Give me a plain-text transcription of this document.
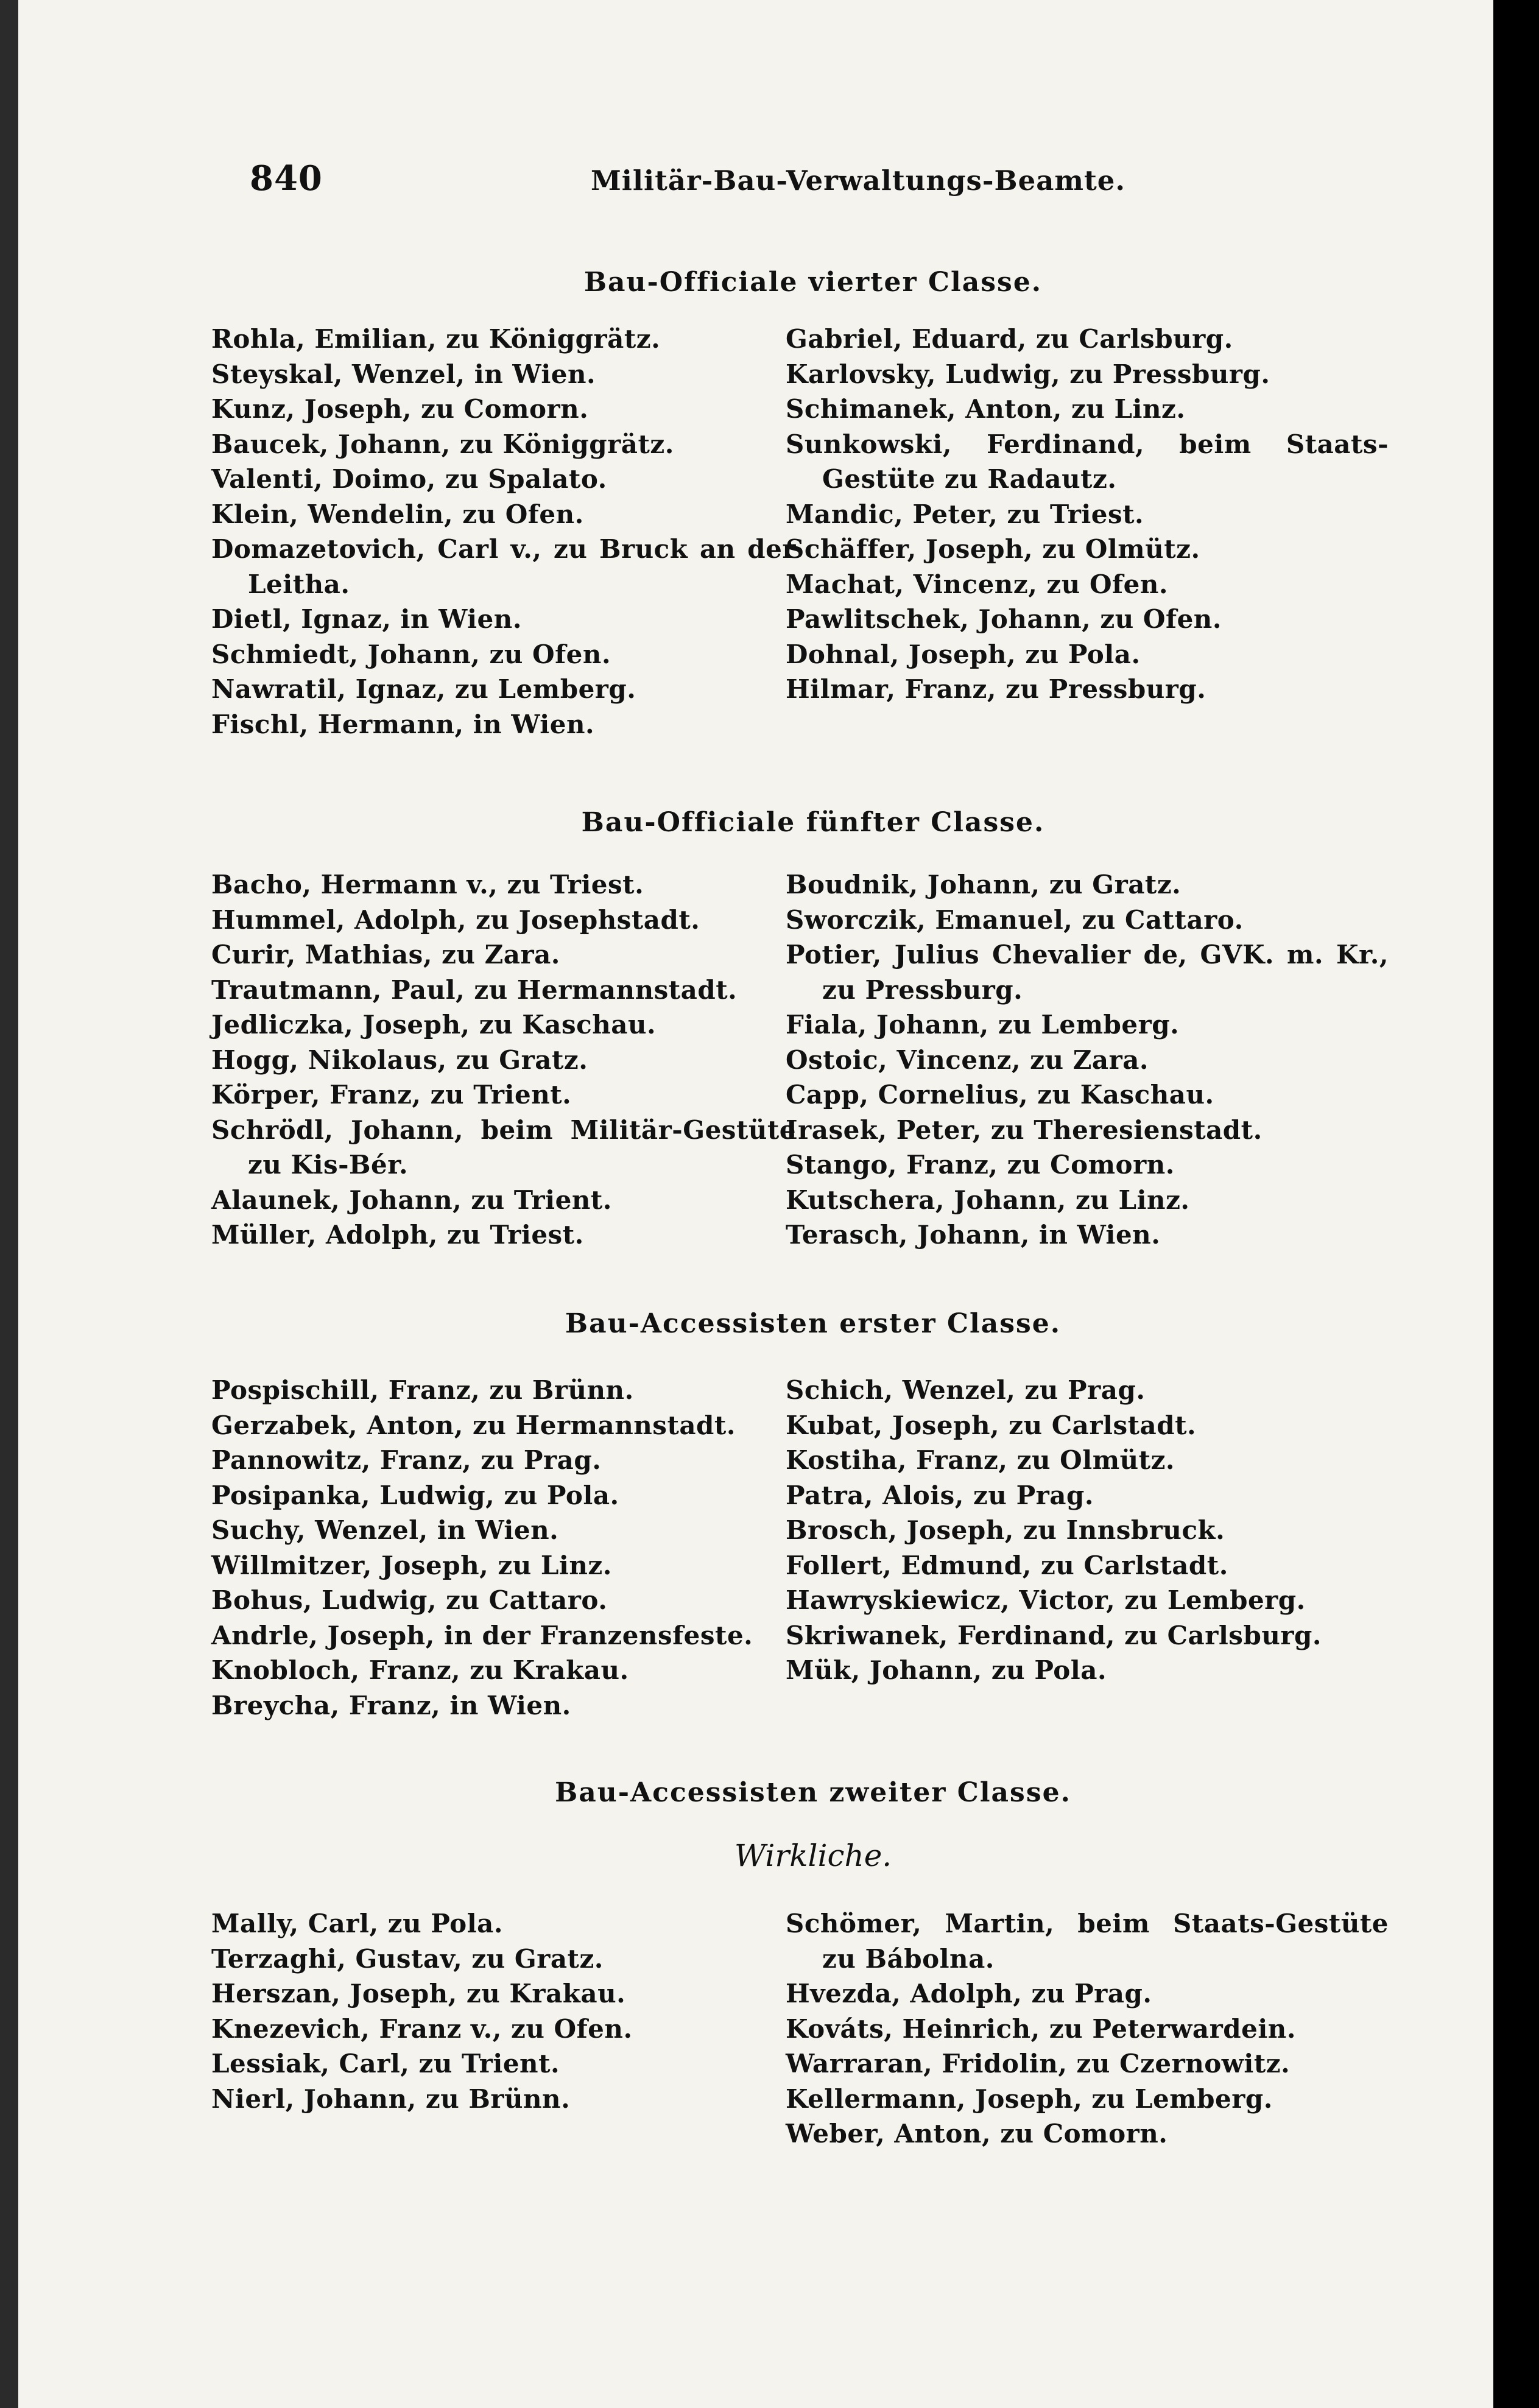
840	Militär-Bau-Verwaltungs-Beamte.
Bau-Officiale vierter Classe.
Rohla, Emilian, zu Königgrätz.
Steyskal, Wenzel, in Wien.
Kunz, Joseph, zu Comorn.
Baucek, Johann, zu Königgrätz.
Valenti, Doimo, zu Spalato.
Klein, Wendelin, zu Ofen.
Domazetovich, Carl v., zu Bruck an der Leitha.
Dietl, Ignaz, in Wien.
Schmiedt, Johann, zu Ofen.
Nawratil, Ignaz, zu Lemberg.
Fischl, Hermann, in Wien.
Gabriel, Eduard, zu Carlsburg.
Karlovsky, Ludwig, zu Pressburg.
Schimanek, Anton, zu Linz.
Sunkowski, Ferdinand, beim Staats-Gestüte zu Radautz.
Mandic, Peter, zu Triest.
Schäffer, Joseph, zu Olmütz.
Machat, Vincenz, zu Ofen.
Pawlitschek, Johann, zu Ofen.
Dohnal, Joseph, zu Pola.
Hilmar, Franz, zu Pressburg.
Bau-Officiale fünfter Classe.
Bacho, Hermann v., zu Triest.
Hummel, Adolph, zu Josephstadt.
Curir, Mathias, zu Zara.
Trautmann, Paul, zu Hermannstadt.
Jedliczka, Joseph, zu Kaschau.
Hogg, Nikolaus, zu Gratz.
Körper, Franz, zu Trient.
Schrödl, Johann, beim Militär-Gestüte zu Kis-Bér.
Alaunek, Johann, zu Trient.
Müller, Adolph, zu Triest.
Boudnik, Johann, zu Gratz.
Sworczik, Emanuel, zu Cattaro.
Potier, Julius Chevalier de, GVK. m. Kr., zu Pressburg.
Fiala, Johann, zu Lemberg.
Ostoic, Vincenz, zu Zara.
Capp, Cornelius, zu Kaschau.
Irasek, Peter, zu Theresienstadt.
Stango, Franz, zu Comorn.
Kutschera, Johann, zu Linz.
Terasch, Johann, in Wien.
Bau-Accessisten erster Classe.
Pospischill, Franz, zu Brünn.
Gerzabek, Anton, zu Hermannstadt.
Pannowitz, Franz, zu Prag.
Posipanka, Ludwig, zu Pola.
Suchy, Wenzel, in Wien.
Willmitzer, Joseph, zu Linz.
Bohus, Ludwig, zu Cattaro.
Andrle, Joseph, in der Franzensfeste.
Knobloch, Franz, zu Krakau.
Breycha, Franz, in Wien.
Schich, Wenzel, zu Prag.
Kubat, Joseph, zu Carlstadt.
Kostiha, Franz, zu Olmütz.
Patra, Alois, zu Prag.
Brosch, Joseph, zu Innsbruck.
Follert, Edmund, zu Carlstadt.
Hawryskiewicz, Victor, zu Lemberg.
Skriwanek, Ferdinand, zu Carlsburg.
Mük, Johann, zu Pola.
Bau-Accessisten zweiter Classe.
Wirkliche.
Mally, Carl, zu Pola.
Terzaghi, Gustav, zu Gratz.
Herszan, Joseph, zu Krakau.
Knezevich, Franz v., zu Ofen.
Lessiak, Carl, zu Trient.
Nierl, Johann, zu Brünn.
Schömer, Martin, beim Staats-Gestüte zu Bábolna.
Hvezda, Adolph, zu Prag.
Kováts, Heinrich, zu Peterwardein.
Warraran, Fridolin, zu Czernowitz.
Kellermann, Joseph, zu Lemberg.
Weber, Anton, zu Comorn.
